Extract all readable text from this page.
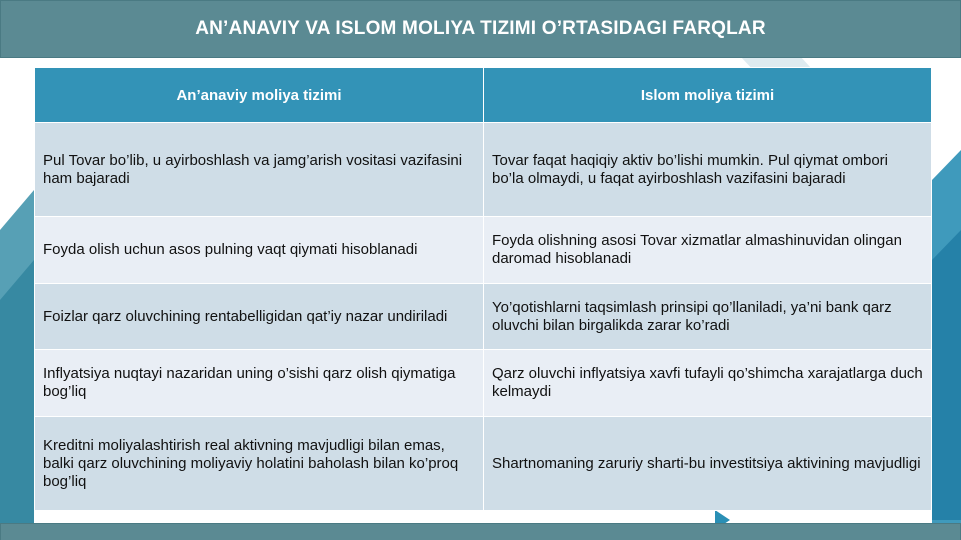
AN’ANAVIY VA ISLOM MOLIYA TIZIMI O’RTASIDAGI FARQLAR
An’anaviy moliya tizimi	Islom moliya tizimi
Pul Tovar bo’lib, u ayirboshlash va jamg’arish vositasi vazifasini ham bajaradi	Tovar faqat haqiqiy aktiv bo’lishi mumkin. Pul qiymat ombori bo’la olmaydi, u faqat ayirboshlash vazifasini bajaradi
Foyda olish uchun asos pulning vaqt qiymati hisoblanadi	Foyda olishning asosi Tovar xizmatlar almashinuvidan olingan daromad hisoblanadi
Foizlar qarz oluvchining rentabelligidan qat’iy nazar undiriladi	Yo’qotishlarni taqsimlash prinsipi qo’llaniladi, ya’ni bank qarz oluvchi bilan birgalikda zarar ko’radi
Inflyatsiya nuqtayi nazaridan uning o’sishi qarz olish qiymatiga bog’liq	Qarz oluvchi inflyatsiya xavfi tufayli qo’shimcha xarajatlarga duch kelmaydi
Kreditni moliyalashtirish real aktivning mavjudligi bilan emas, balki qarz oluvchining moliyaviy holatini baholash bilan ko’proq bog’liq	Shartnomaning zaruriy sharti-bu investitsiya aktivining mavjudligi
